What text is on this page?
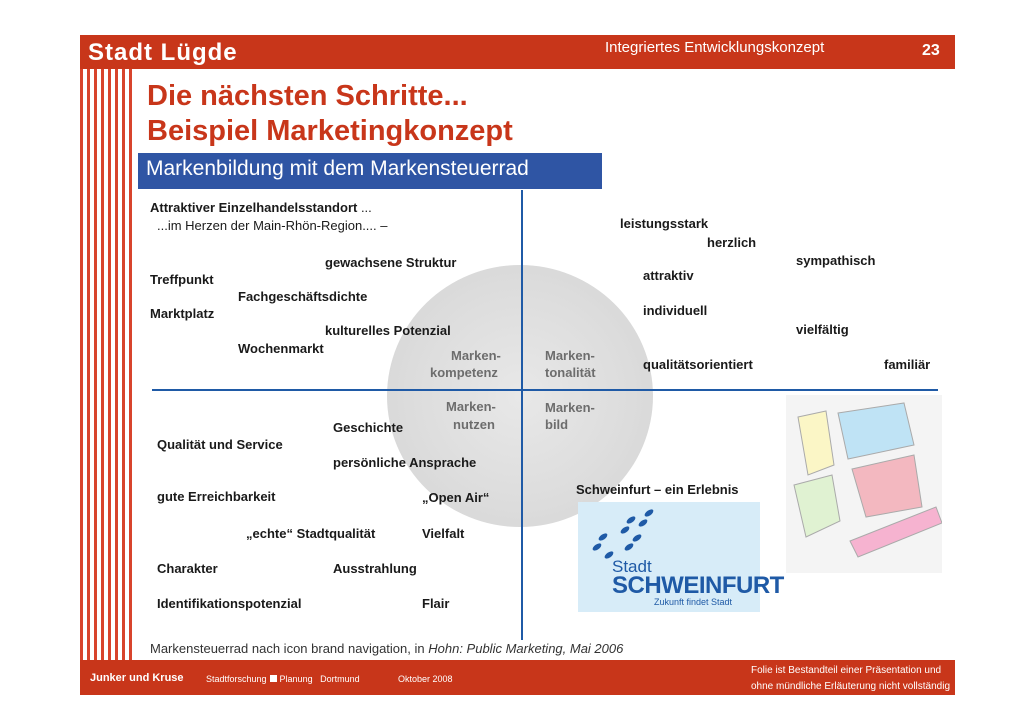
Stadt Lügde	Integriertes Entwicklungskonzept	23
Die nächsten Schritte...
Beispiel Marketingkonzept
Markenbildung mit dem Markensteuerrad
Attraktiver Einzelhandelsstandort ...
...im Herzen der Main-Rhön-Region.... –
gewachsene Struktur
Treffpunkt
Fachgeschäftsdichte
Marktplatz
kulturelles Potenzial
Wochenmarkt
leistungsstark
herzlich
sympathisch
attraktiv
individuell
vielfältig
qualitätsorientiert	familiär
Marken-
kompetenz
Marken-
tonalität
Marken-
nutzen
Marken-
bild
Geschichte
Qualität und Service
persönliche Ansprache
gute Erreichbarkeit	„Open Air“
„echte“ Stadtqualität	Vielfalt
Charakter	Ausstrahlung
Identifikationspotenzial	Flair
Schweinfurt – ein Erlebnis
Stadt
SCHWEINFURT
Zukunft findet Stadt
Markensteuerrad nach icon brand navigation, in Hohn: Public Marketing, Mai 2006
Junker und Kruse Stadtforschung Planung Dortmund	Oktober 2008
Folie ist Bestandteil einer Präsentation und
ohne mündliche Erläuterung nicht vollständig
